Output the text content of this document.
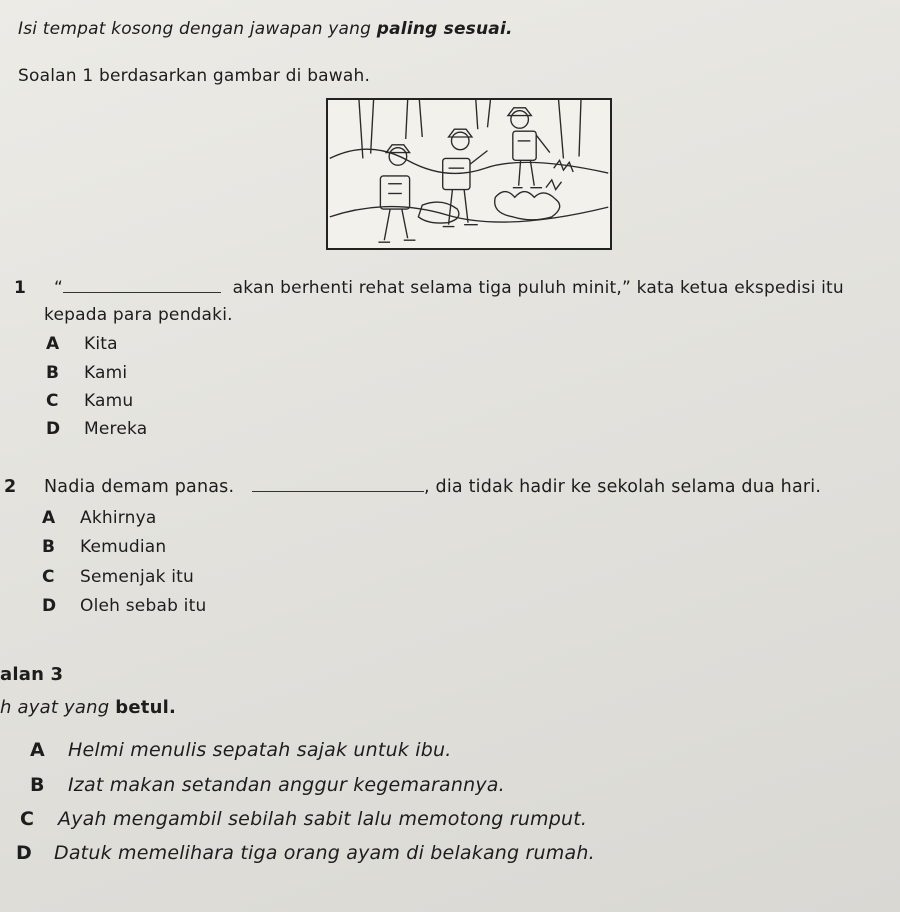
Isi tempat kosong dengan jawapan yang paling sesuai.
Soalan 1 berdasarkan gambar di bawah.
1 “	akan berhenti rehat selama tiga puluh minit,” kata ketua ekspedisi itu
kepada para pendaki.
A Kita
B Kami
C Kamu
D Mereka
2 Nadia demam panas.	, dia tidak hadir ke sekolah selama dua hari.
A Akhirnya
B Kemudian
C Semenjak itu
D Oleh sebab itu
alan 3
h ayat yang betul.
A Helmi menulis sepatah sajak untuk ibu.
B Izat makan setandan anggur kegemarannya.
C Ayah mengambil sebilah sabit lalu memotong rumput.
D Datuk memelihara tiga orang ayam di belakang rumah.
